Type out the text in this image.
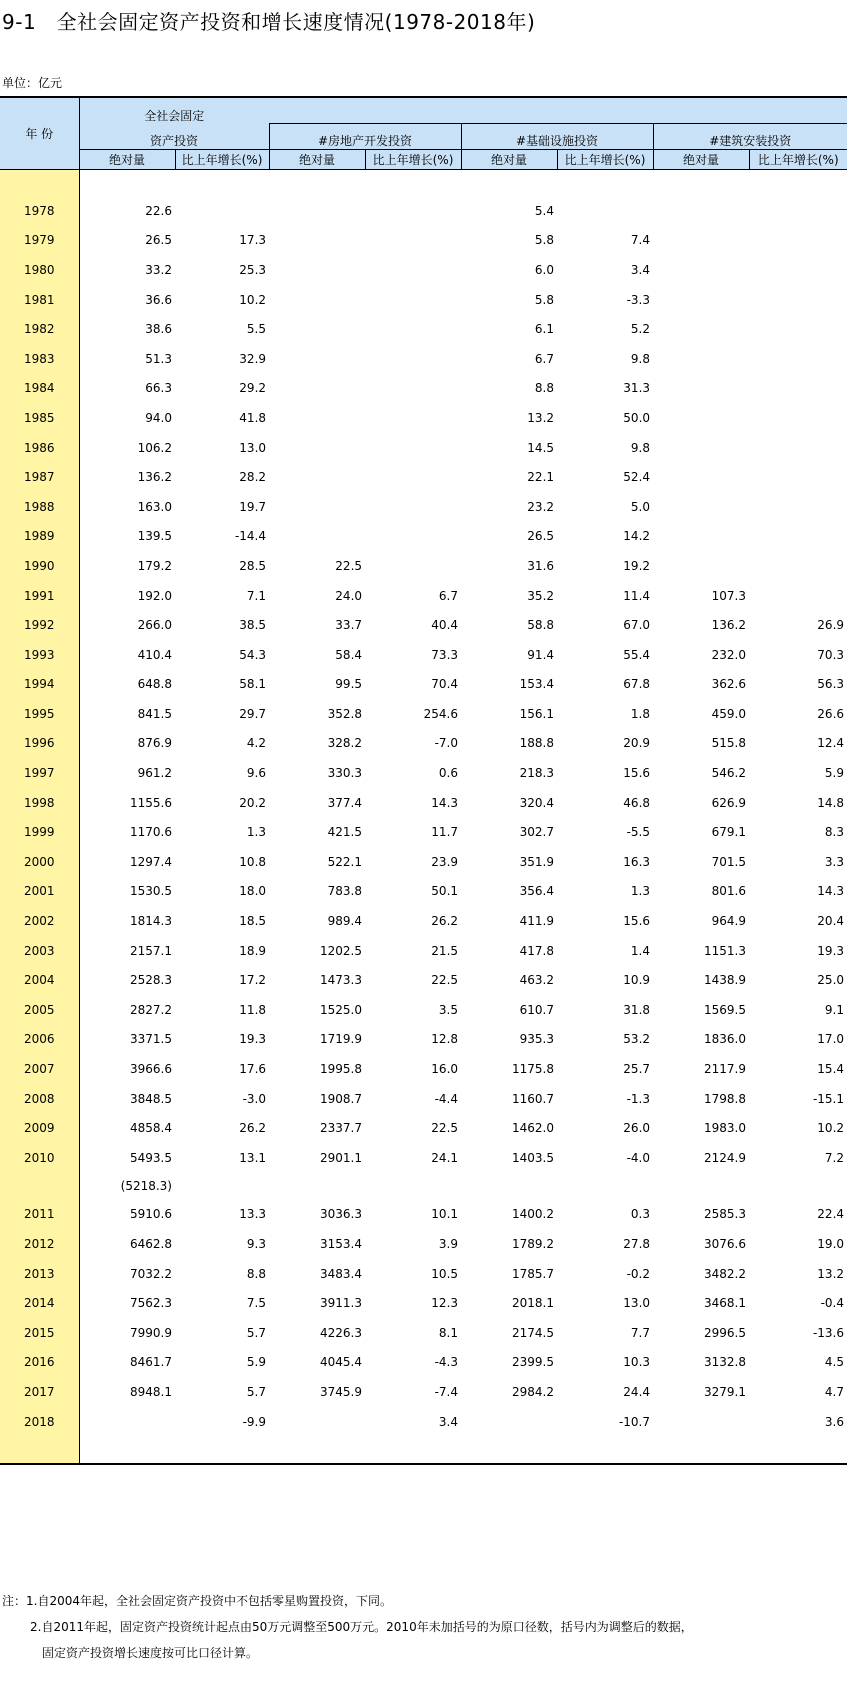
9-1　全社会固定资产投资和增长速度情况(1978-2018年)
单位：亿元
年 份	全社会固定							
	资产投资		#房地产开发投资		#基础设施投资		#建筑安装投资	
	绝对量	比上年增长(%)	绝对量	比上年增长(%)	绝对量	比上年增长(%)	绝对量	比上年增长(%)

1978	22.6				5.4			
1979	26.5	17.3			5.8	7.4		
1980	33.2	25.3			6.0	3.4		
1981	36.6	10.2			5.8	-3.3		
1982	38.6	5.5			6.1	5.2		
1983	51.3	32.9			6.7	9.8		
1984	66.3	29.2			8.8	31.3		
1985	94.0	41.8			13.2	50.0		
1986	106.2	13.0			14.5	9.8		
1987	136.2	28.2			22.1	52.4		
1988	163.0	19.7			23.2	5.0		
1989	139.5	-14.4			26.5	14.2		
1990	179.2	28.5	22.5		31.6	19.2		
1991	192.0	7.1	24.0	6.7	35.2	11.4	107.3	
1992	266.0	38.5	33.7	40.4	58.8	67.0	136.2	26.9
1993	410.4	54.3	58.4	73.3	91.4	55.4	232.0	70.3
1994	648.8	58.1	99.5	70.4	153.4	67.8	362.6	56.3
1995	841.5	29.7	352.8	254.6	156.1	1.8	459.0	26.6
1996	876.9	4.2	328.2	-7.0	188.8	20.9	515.8	12.4
1997	961.2	9.6	330.3	0.6	218.3	15.6	546.2	5.9
1998	1155.6	20.2	377.4	14.3	320.4	46.8	626.9	14.8
1999	1170.6	1.3	421.5	11.7	302.7	-5.5	679.1	8.3
2000	1297.4	10.8	522.1	23.9	351.9	16.3	701.5	3.3
2001	1530.5	18.0	783.8	50.1	356.4	1.3	801.6	14.3
2002	1814.3	18.5	989.4	26.2	411.9	15.6	964.9	20.4
2003	2157.1	18.9	1202.5	21.5	417.8	1.4	1151.3	19.3
2004	2528.3	17.2	1473.3	22.5	463.2	10.9	1438.9	25.0
2005	2827.2	11.8	1525.0	3.5	610.7	31.8	1569.5	9.1
2006	3371.5	19.3	1719.9	12.8	935.3	53.2	1836.0	17.0
2007	3966.6	17.6	1995.8	16.0	1175.8	25.7	2117.9	15.4
2008	3848.5	-3.0	1908.7	-4.4	1160.7	-1.3	1798.8	-15.1
2009	4858.4	26.2	2337.7	22.5	1462.0	26.0	1983.0	10.2
2010	5493.5	13.1	2901.1	24.1	1403.5	-4.0	2124.9	7.2
	(5218.3)							
2011	5910.6	13.3	3036.3	10.1	1400.2	0.3	2585.3	22.4
2012	6462.8	9.3	3153.4	3.9	1789.2	27.8	3076.6	19.0
2013	7032.2	8.8	3483.4	10.5	1785.7	-0.2	3482.2	13.2
2014	7562.3	7.5	3911.3	12.3	2018.1	13.0	3468.1	-0.4
2015	7990.9	5.7	4226.3	8.1	2174.5	7.7	2996.5	-13.6
2016	8461.7	5.9	4045.4	-4.3	2399.5	10.3	3132.8	4.5
2017	8948.1	5.7	3745.9	-7.4	2984.2	24.4	3279.1	4.7
2018		-9.9		3.4		-10.7		3.6

注：1.自2004年起，全社会固定资产投资中不包括零星购置投资，下同。
2.自2011年起，固定资产投资统计起点由50万元调整至500万元。2010年未加括号的为原口径数，括号内为调整后的数据，
固定资产投资增长速度按可比口径计算。
